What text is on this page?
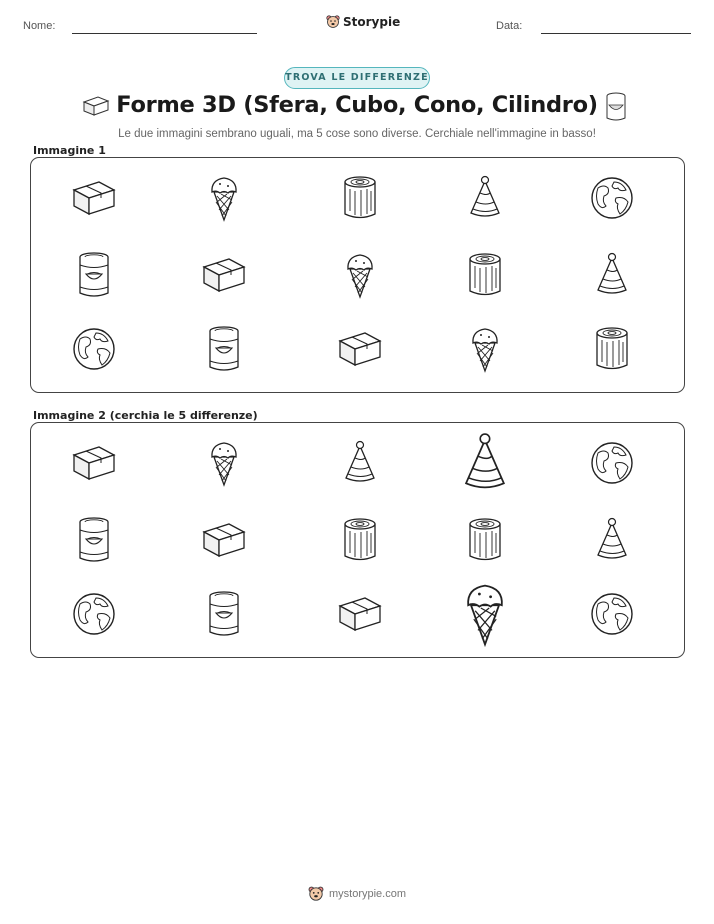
Nome:	Storypie	Data:
TROVA LE DIFFERENZE
Forme 3D (Sfera, Cubo, Cono, Cilindro)
Le due immagini sembrano uguali, ma 5 cose sono diverse. Cerchiale nell'immagine in basso!
Immagine 1
Immagine 2 (cerchia le 5 differenze)
mystorypie.com
